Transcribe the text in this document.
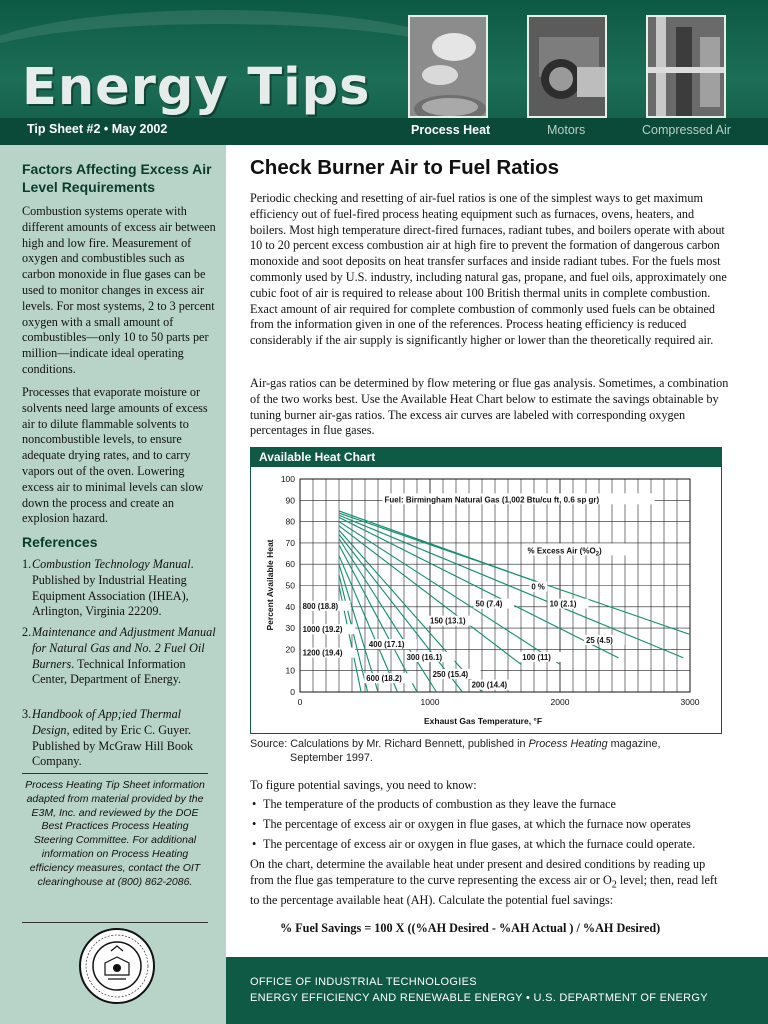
Energy Tips
Tip Sheet #2 • May 2002	Process Heat	Motors	Compressed Air
Factors Affecting Excess Air Level Requirements
Combustion systems operate with different amounts of excess air between high and low fire. Measurement of oxygen and combustibles such as carbon monoxide in flue gases can be used to monitor changes in excess air levels. For most systems, 2 to 3 percent oxygen with a small amount of combustibles—only 10 to 50 parts per million—indicate ideal operating conditions.
Processes that evaporate moisture or solvents need large amounts of excess air to dilute flammable solvents to noncombustible levels, to ensure adequate drying rates, and to carry vapors out of the oven. Lowering excess air to minimal levels can slow down the process and create an explosion hazard.
References
1. Combustion Technology Manual. Published by Industrial Heating Equipment Association (IHEA), Arlington, Virginia 22209.
2. Maintenance and Adjustment Manual for Natural Gas and No. 2 Fuel Oil Burners. Technical Information Center, Department of Energy.
3. Handbook of App;ied Thermal Design, edited by Eric C. Guyer. Published by McGraw Hill Book Company.
Process Heating Tip Sheet information adapted from material provided by the E3M, Inc. and reviewed by the DOE Best Practices Process Heating Steering Committee. For additional information on Process Heating efficiency measures, contact the OIT clearinghouse at (800) 862-2086.
Check Burner Air to Fuel Ratios
Periodic checking and resetting of air-fuel ratios is one of the simplest ways to get maximum efficiency out of fuel-fired process heating equipment such as furnaces, ovens, heaters, and boilers. Most high temperature direct-fired furnaces, radiant tubes, and boilers operate with about 10 to 20 percent excess combustion air at high fire to prevent the formation of dangerous carbon monoxide and soot deposits on heat transfer surfaces and inside radiant tubes. For the fuels most commonly used by U.S. industry, including natural gas, propane, and fuel oils, approximately one cubic foot of air is required to release about 100 British thermal units in complete combustion. Exact amount of air required for complete combustion of commonly used fuels can be obtained from the information given in one of the references. Process heating efficiency is reduced considerably if the air supply is significantly higher or lower than the theoretically required air.
Air-gas ratios can be determined by flow metering or flue gas analysis. Sometimes, a combination of the two works best. Use the Available Heat Chart below to estimate the savings obtainable by tuning burner air-gas ratios. The excess air curves are labeled with corresponding oxygen percentages in flue gases.
Available Heat Chart
0
10
20
30
40
50
60
70
80
90
100
0	1000	2000	3000
Exhaust Gas Temperature, °F
Percent Available Heat
Fuel: Birmingham Natural Gas (1,002 Btu/cu ft, 0.6 sp gr)
% Excess Air $(\%O_2)$
800 (18.8)
1000 (19.2)
1200 (19.4)
400 (17.1)
600 (18.2)
300 (16.1)
250 (15.4)
200 (14.4)
150 (13.1)
100 (11)
50 (7.4)	10 (2.1)
25 (4.5)
0 %
Source: Calculations by Mr. Richard Bennett, published in Process Heating magazine,
September 1997.
To figure potential savings, you need to know:
• The temperature of the products of combustion as they leave the furnace
• The percentage of excess air or oxygen in flue gases, at which the furnace now operates
• The percentage of excess air or oxygen in flue gases, at which the furnace could operate.
On the chart, determine the available heat under present and desired conditions by reading up from the flue gas temperature to the curve representing the excess air or $O_2$ level; then, read left to the percentage available heat (AH). Calculate the potential fuel savings:
% Fuel Savings = 100 X ((%AH Desired - %AH Actual ) / %AH Desired)
OFFICE OF INDUSTRIAL TECHNOLOGIES
ENERGY EFFICIENCY AND RENEWABLE ENERGY • U.S. DEPARTMENT OF ENERGY
